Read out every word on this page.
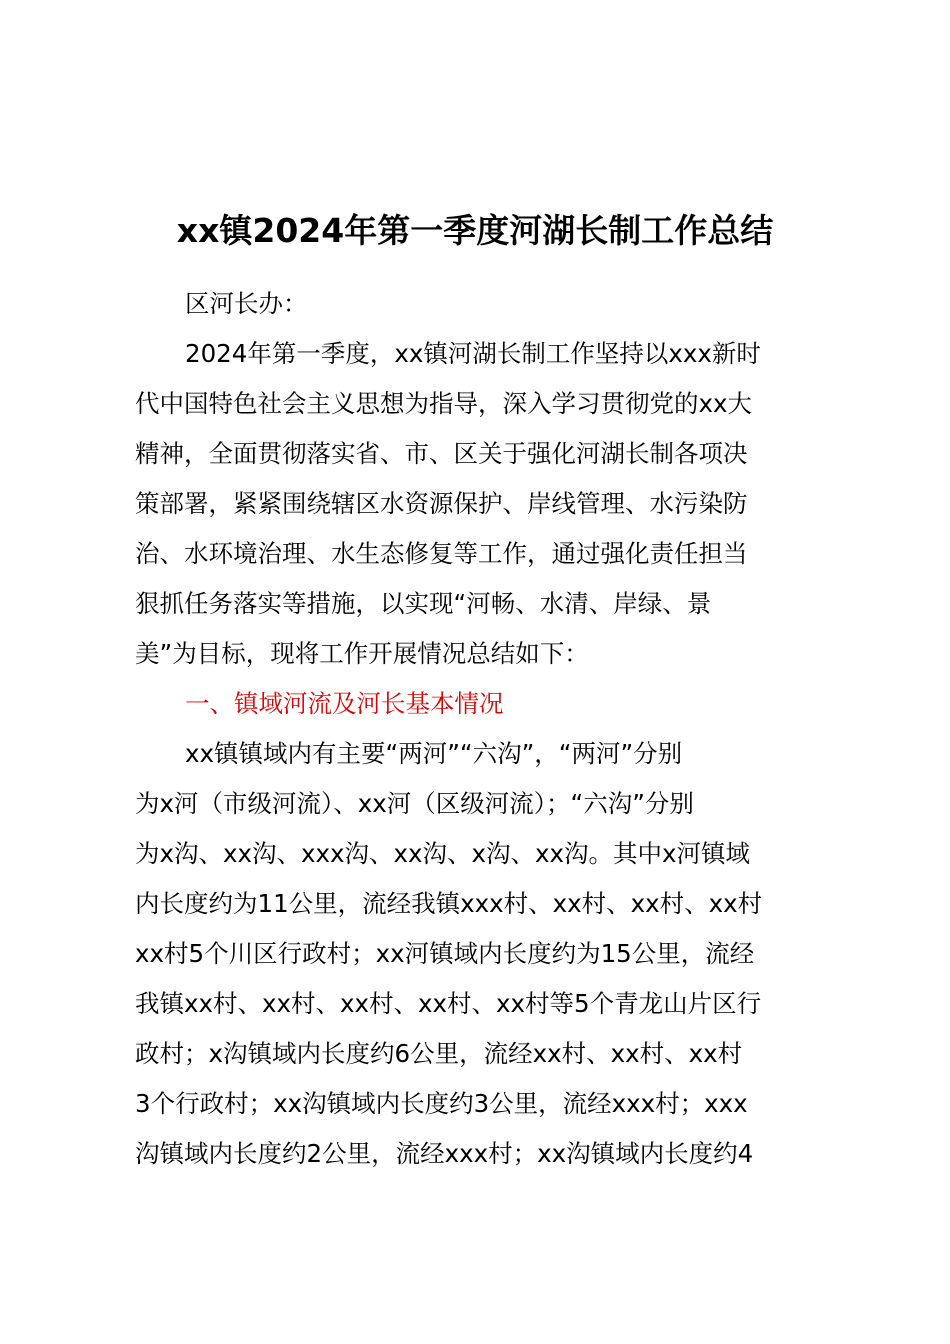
xx镇2024年第一季度河湖长制工作总结
区河长办：
2024年第一季度，xx镇河湖长制工作坚持以xxx新时
代中国特色社会主义思想为指导，深入学习贯彻党的xx大
精神，全面贯彻落实省、市、区关于强化河湖长制各项决
策部署，紧紧围绕辖区水资源保护、岸线管理、水污染防
治、水环境治理、水生态修复等工作，通过强化责任担当
狠抓任务落实等措施，以实现“河畅、水清、岸绿、景
美”为目标，现将工作开展情况总结如下：
一、镇域河流及河长基本情况
xx镇镇域内有主要“两河”“六沟”，“两河”分别
为x河（市级河流）、xx河（区级河流）；“六沟”分别
为x沟、xx沟、xxx沟、xx沟、x沟、xx沟。其中x河镇域
内长度约为11公里，流经我镇xxx村、xx村、xx村、xx村
xx村5个川区行政村；xx河镇域内长度约为15公里，流经
我镇xx村、xx村、xx村、xx村、xx村等5个青龙山片区行
政村；x沟镇域内长度约6公里，流经xx村、xx村、xx村
3个行政村；xx沟镇域内长度约3公里，流经xxx村；xxx
沟镇域内长度约2公里，流经xxx村；xx沟镇域内长度约4
